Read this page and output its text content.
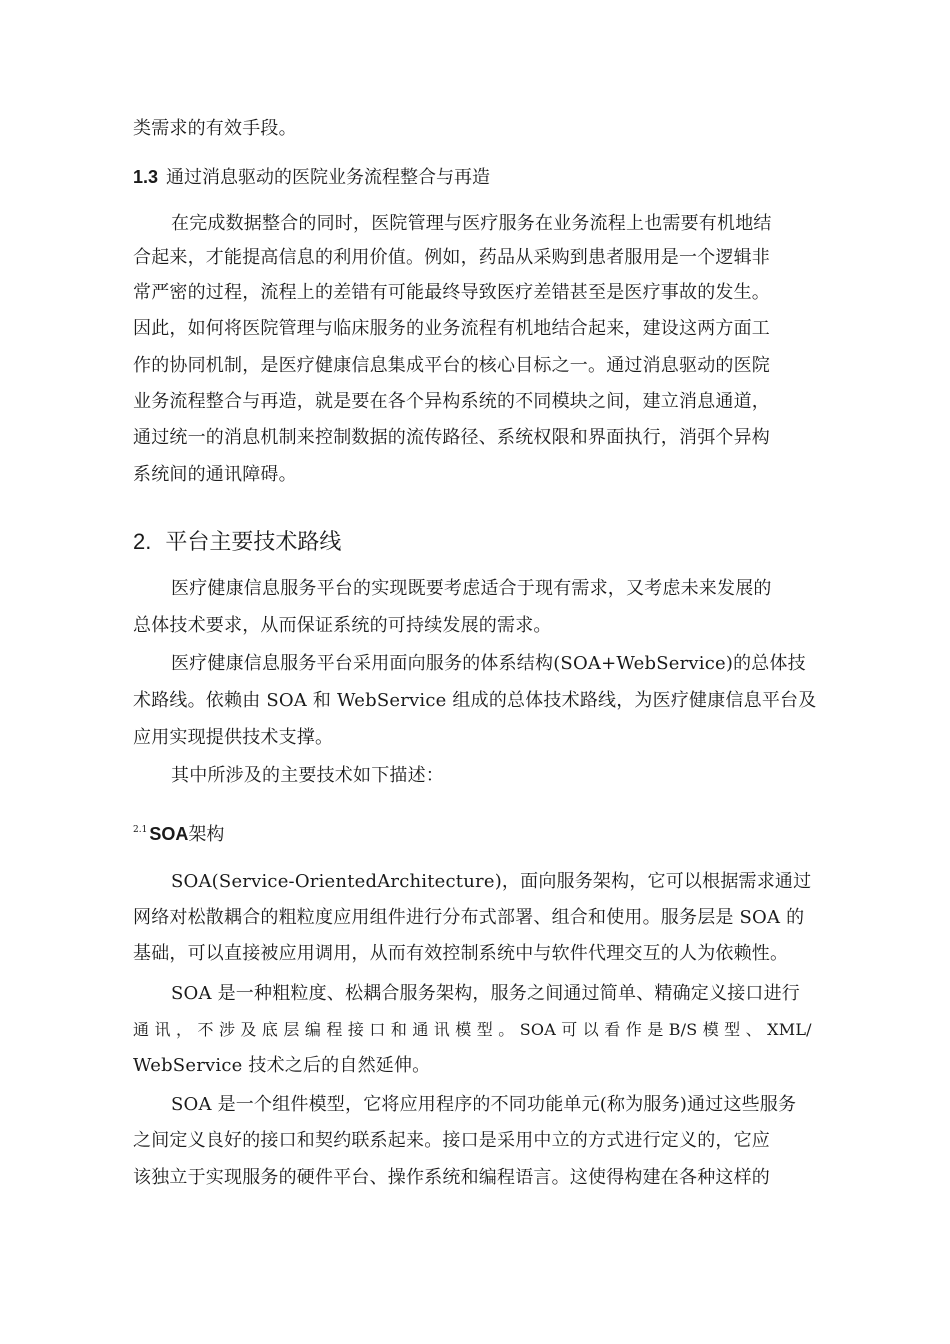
类需求的有效手段。
1.3 通过消息驱动的医院业务流程整合与再造
在完成数据整合的同时，医院管理与医疗服务在业务流程上也需要有机地结
合起来，才能提高信息的利用价值。例如，药品从采购到患者服用是一个逻辑非
常严密的过程，流程上的差错有可能最终导致医疗差错甚至是医疗事故的发生。
因此，如何将医院管理与临床服务的业务流程有机地结合起来，建设这两方面工
作的协同机制，是医疗健康信息集成平台的核心目标之一。通过消息驱动的医院
业务流程整合与再造，就是要在各个异构系统的不同模块之间，建立消息通道，
通过统一的消息机制来控制数据的流传路径、系统权限和界面执行，消弭个异构
系统间的通讯障碍。
2. 平台主要技术路线
医疗健康信息服务平台的实现既要考虑适合于现有需求，又考虑未来发展的
总体技术要求，从而保证系统的可持续发展的需求。
医疗健康信息服务平台采用面向服务的体系结构(SOA+WebService)的总体技
术路线。依赖由 SOA 和 WebService 组成的总体技术路线，为医疗健康信息平台及
应用实现提供技术支撑。
其中所涉及的主要技术如下描述：
$^{2.1}$ SOA架构
SOA(Service-OrientedArchitecture)，面向服务架构，它可以根据需求通过
网络对松散耦合的粗粒度应用组件进行分布式部署、组合和使用。服务层是 SOA 的
基础，可以直接被应用调用，从而有效控制系统中与软件代理交互的人为依赖性。
SOA 是一种粗粒度、松耦合服务架构，服务之间通过简单、精确定义接口进行
通 讯 ， 不 涉 及 底 层 编 程 接 口 和 通 讯 模 型 。 SOA 可 以 看 作 是 B/S 模 型 、 XML/
WebService 技术之后的自然延伸。
SOA 是一个组件模型，它将应用程序的不同功能单元(称为服务)通过这些服务
之间定义良好的接口和契约联系起来。接口是采用中立的方式进行定义的，它应
该独立于实现服务的硬件平台、操作系统和编程语言。这使得构建在各种这样的
